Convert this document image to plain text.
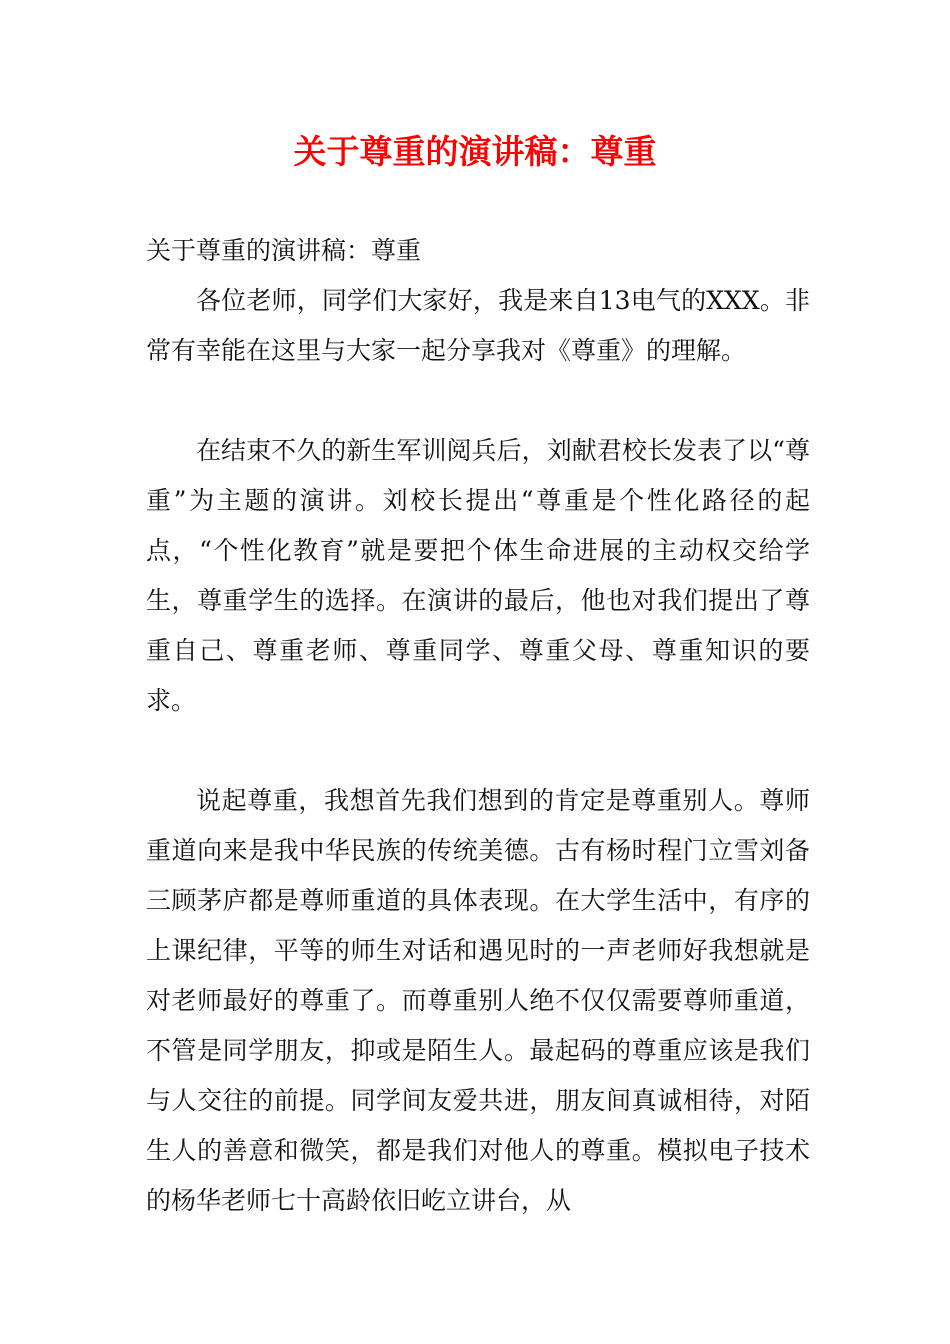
关于尊重的演讲稿：尊重

关于尊重的演讲稿：尊重

各位老师，同学们大家好，我是来自13电气的XXX。非常有幸能在这里与大家一起分享我对《尊重》的理解。

在结束不久的新生军训阅兵后，刘献君校长发表了以“尊重”为主题的演讲。刘校长提出“尊重是个性化路径的起点，“个性化教育”就是要把个体生命进展的主动权交给学生，尊重学生的选择。在演讲的最后，他也对我们提出了尊重自己、尊重老师、尊重同学、尊重父母、尊重知识的要求。

说起尊重，我想首先我们想到的肯定是尊重别人。尊师重道向来是我中华民族的传统美德。古有杨时程门立雪刘备三顾茅庐都是尊师重道的具体表现。在大学生活中，有序的上课纪律，平等的师生对话和遇见时的一声老师好我想就是对老师最好的尊重了。而尊重别人绝不仅仅需要尊师重道，不管是同学朋友，抑或是陌生人。最起码的尊重应该是我们与人交往的前提。同学间友爱共进，朋友间真诚相待，对陌生人的善意和微笑，都是我们对他人的尊重。模拟电子技术的杨华老师七十高龄依旧屹立讲台，从
